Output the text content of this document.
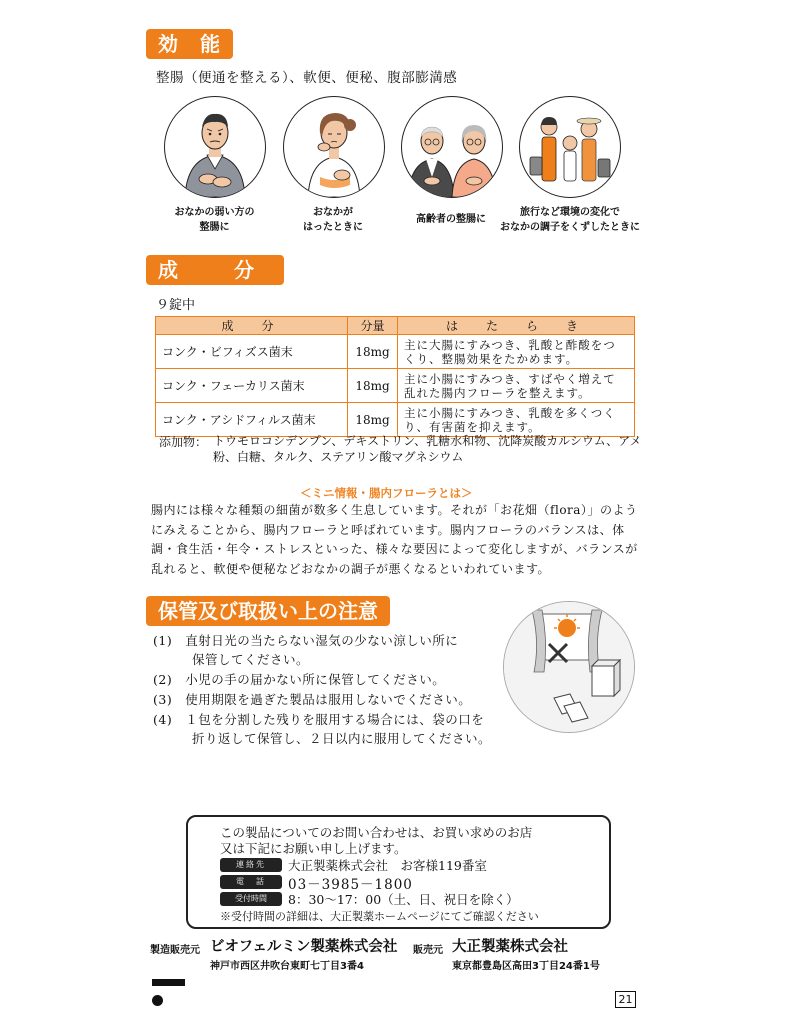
効　能
整腸（便通を整える）、軟便、便秘、腹部膨満感
おなかの弱い方の
整腸に
おなかが
はったときに
高齢者の整腸に
旅行など環境の変化で
おなかの調子をくずしたときに
成　分
９錠中
成　分	分量	は　た　ら　き
コンク・ビフィズス菌末	18mg	主に大腸にすみつき、乳酸と酢酸をつくり、整腸効果をたかめます。
コンク・フェーカリス菌末	18mg	主に小腸にすみつき、すばやく増えて乱れた腸内フローラを整えます。
コンク・アシドフィルス菌末	18mg	主に小腸にすみつき、乳酸を多くつくり、有害菌を抑えます。
添加物： トウモロコシデンプン、デキストリン、乳糖水和物、沈降炭酸カルシウム、アメ粉、白糖、タルク、ステアリン酸マグネシウム
＜ミニ情報・腸内フローラとは＞
腸内には様々な種類の細菌が数多く生息しています。それが「お花畑（flora）」のようにみえることから、腸内フローラと呼ばれています。腸内フローラのバランスは、体調・食生活・年令・ストレスといった、様々な要因によって変化しますが、バランスが乱れると、軟便や便秘などおなかの調子が悪くなるといわれています。
保管及び取扱い上の注意
(1)　直射日光の当たらない湿気の少ない涼しい所に
　　　保管してください。
(2)　小児の手の届かない所に保管してください。
(3)　使用期限を過ぎた製品は服用しないでください。
(4)　１包を分割した残りを服用する場合には、袋の口を
　　　折り返して保管し、２日以内に服用してください。
この製品についてのお問い合わせは、お買い求めのお店
又は下記にお願い申し上げます。
連絡先	大正製薬株式会社　お客様119番室
電　話	03－3985－1800
受付時間	8：30～17：00（土、日、祝日を除く）
※受付時間の詳細は、大正製薬ホームページにてご確認ください
製造販売元 ビオフェルミン製薬株式会社
神戸市西区井吹台東町七丁目3番4
販売元 大正製薬株式会社
東京都豊島区高田3丁目24番1号
21
